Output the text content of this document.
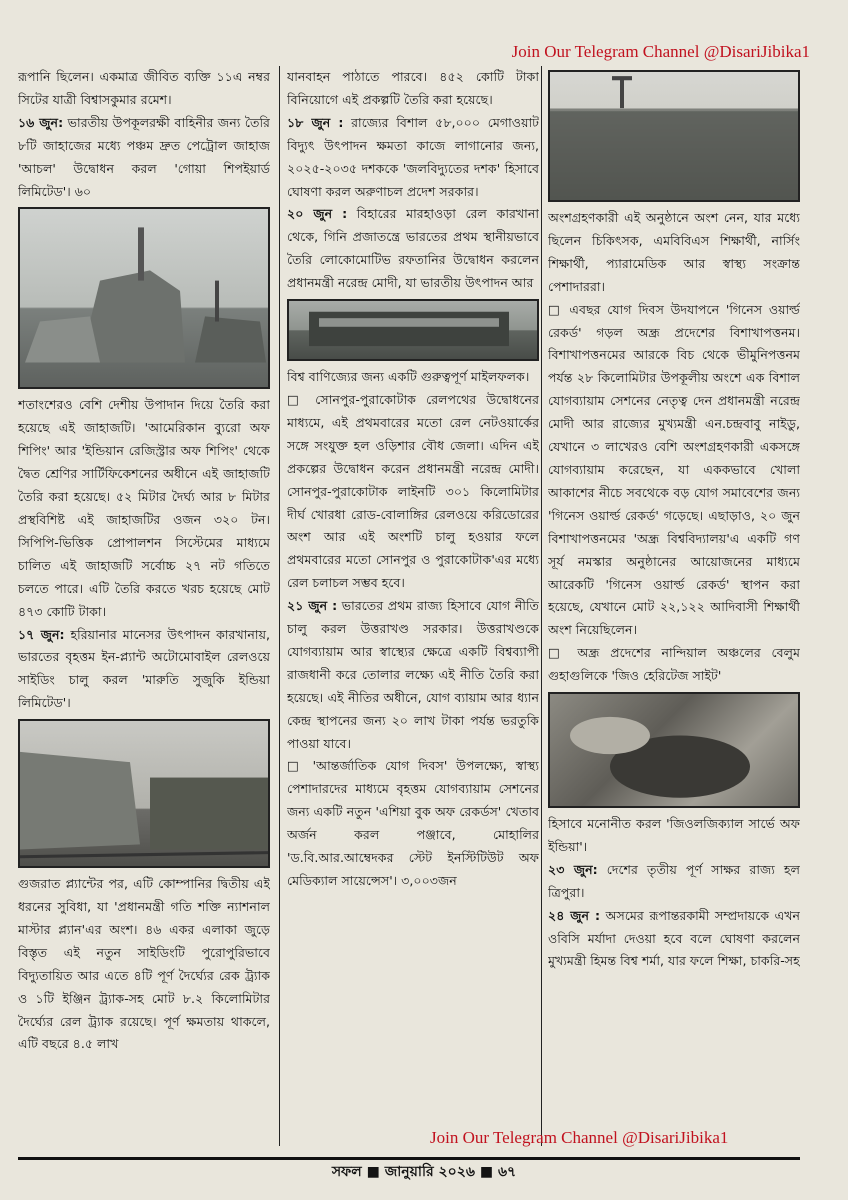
Join Our Telegram Channel @DisariJibika1

রূপানি ছিলেন। একমাত্র জীবিত ব্যক্তি ১১এ নম্বর সিটের যাত্রী বিশ্বাসকুমার রমেশ।

১৬ জুন: ভারতীয় উপকূলরক্ষী বাহিনীর জন্য তৈরি ৮টি জাহাজের মধ্যে পঞ্চম দ্রুত পেট্রোল জাহাজ 'আচল' উদ্বোধন করল 'গোয়া শিপইয়ার্ড লিমিটেড'। ৬০

শতাংশেরও বেশি দেশীয় উপাদান দিয়ে তৈরি করা হয়েছে এই জাহাজটি। 'আমেরিকান ব্যুরো অফ শিপিং' আর 'ইন্ডিয়ান রেজিস্ট্রার অফ শিপিং' থেকে দ্বৈত শ্রেণির সার্টিফিকেশনের অধীনে এই জাহাজটি তৈরি করা হয়েছে। ৫২ মিটার দৈর্ঘ্য আর ৮ মিটার প্রস্থবিশিষ্ট এই জাহাজটির ওজন ৩২০ টন। সিপিপি-ভিত্তিক প্রোপালশন সিস্টেমের মাধ্যমে চালিত এই জাহাজটি সর্বোচ্চ ২৭ নট গতিতে চলতে পারে। এটি তৈরি করতে খরচ হয়েছে মোট ৪৭৩ কোটি টাকা।

১৭ জুন: হরিয়ানার মানেসর উৎপাদন কারখানায়, ভারতের বৃহত্তম ইন-প্ল্যান্ট অটোমোবাইল রেলওয়ে সাইডিং চালু করল 'মারুতি সুজুকি ইন্ডিয়া লিমিটেড'।

গুজরাত প্ল্যান্টের পর, এটি কোম্পানির দ্বিতীয় এই ধরনের সুবিধা, যা 'প্রধানমন্ত্রী গতি শক্তি ন্যাশনাল মাস্টার প্ল্যান'এর অংশ। ৪৬ একর এলাকা জুড়ে বিস্তৃত এই নতুন সাইডিংটি পুরোপুরিভাবে বিদ্যুতায়িত আর এতে ৪টি পূর্ণ দৈর্ঘ্যের রেক ট্র্যাক ও ১টি ইঞ্জিন ট্র্যাক-সহ মোট ৮.২ কিলোমিটার দৈর্ঘ্যের রেল ট্র্যাক রয়েছে। পূর্ণ ক্ষমতায় থাকলে, এটি বছরে ৪.৫ লাখ

যানবাহন পাঠাতে পারবে। ৪৫২ কোটি টাকা বিনিয়োগে এই প্রকল্পটি তৈরি করা হয়েছে।

১৮ জুন : রাজ্যের বিশাল ৫৮,০০০ মেগাওয়াট বিদ্যুৎ উৎপাদন ক্ষমতা কাজে লাগানোর জন্য, ২০২৫-২০৩৫ দশককে 'জলবিদ্যুতের দশক' হিসাবে ঘোষণা করল অরুণাচল প্রদেশ সরকার।

২০ জুন : বিহারের মারহাওড়া রেল কারখানা থেকে, গিনি প্রজাতন্ত্রে ভারতের প্রথম স্থানীয়ভাবে তৈরি লোকোমোটিভ রফতানির উদ্বোধন করলেন প্রধানমন্ত্রী নরেন্দ্র মোদী, যা ভারতীয় উৎপাদন আর

বিশ্ব বাণিজ্যের জন্য একটি গুরুত্বপূর্ণ মাইলফলক।

□ সোনপুর-পুরাকোটাক রেলপথের উদ্বোধনের মাধ্যমে, এই প্রথমবারের মতো রেল নেটওয়ার্কের সঙ্গে সংযুক্ত হল ওড়িশার বৌধ জেলা। এদিন এই প্রকল্পের উদ্বোধন করেন প্রধানমন্ত্রী নরেন্দ্র মোদী। সোনপুর-পুরাকোটাক লাইনটি ৩০১ কিলোমিটার দীর্ঘ খোরধা রোড-বোলাঙ্গির রেলওয়ে করিডোরের অংশ আর এই অংশটি চালু হওয়ার ফলে প্রথমবারের মতো সোনপুর ও পুরাকোটাক'এর মধ্যে রেল চলাচল সম্ভব হবে।

২১ জুন : ভারতের প্রথম রাজ্য হিসাবে যোগ নীতি চালু করল উত্তরাখণ্ড সরকার। উত্তরাখণ্ডকে যোগব্যায়াম আর স্বাস্থ্যের ক্ষেত্রে একটি বিশ্বব্যাপী রাজধানী করে তোলার লক্ষ্যে এই নীতি তৈরি করা হয়েছে। এই নীতির অধীনে, যোগ ব্যায়াম আর ধ্যান কেন্দ্র স্থাপনের জন্য ২০ লাখ টাকা পর্যন্ত ভরতুকি পাওয়া যাবে।

□ 'আন্তর্জাতিক যোগ দিবস' উপলক্ষ্যে, স্বাস্থ্য পেশাদারদের মাধ্যমে বৃহত্তম যোগব্যায়াম সেশনের জন্য একটি নতুন 'এশিয়া বুক অফ রেকর্ডস' খেতাব অর্জন করল পঞ্জাবে, মোহালির 'ড.বি.আর.আম্বেদকর স্টেট ইনস্টিটিউট অফ মেডিক্যাল সায়েন্সেস'। ৩,০০৩জন

অংশগ্রহণকারী এই অনুষ্ঠানে অংশ নেন, যার মধ্যে ছিলেন চিকিৎসক, এমবিবিএস শিক্ষার্থী, নার্সিং শিক্ষার্থী, প্যারামেডিক আর স্বাস্থ্য সংক্রান্ত পেশাদাররা।

□ এবছর যোগ দিবস উদযাপনে 'গিনেস ওয়ার্ল্ড রেকর্ড' গড়ল অন্ধ্র প্রদেশের বিশাখাপত্তনম। বিশাখাপত্তনমের আরকে বিচ থেকে ভীমুনিপত্তনম পর্যন্ত ২৮ কিলোমিটার উপকূলীয় অংশে এক বিশাল যোগব্যায়াম সেশনের নেতৃত্ব দেন প্রধানমন্ত্রী নরেন্দ্র মোদী আর রাজ্যের মুখ্যমন্ত্রী এন.চন্দ্রবাবু নাইডু, যেখানে ৩ লাখেরও বেশি অংশগ্রহণকারী একসঙ্গে যোগব্যায়াম করেছেন, যা এককভাবে খোলা আকাশের নীচে সবথেকে বড় যোগ সমাবেশের জন্য 'গিনেস ওয়ার্ল্ড রেকর্ড' গড়েছে। এছাড়াও, ২০ জুন বিশাখাপত্তনমের 'অন্ধ্র বিশ্ববিদ্যালয়'এ একটি গণ সূর্য নমস্কার অনুষ্ঠানের আয়োজনের মাধ্যমে আরেকটি 'গিনেস ওয়ার্ল্ড রেকর্ড' স্থাপন করা হয়েছে, যেখানে মোট ২২,১২২ আদিবাসী শিক্ষার্থী অংশ নিয়েছিলেন।

□ অন্ধ্র প্রদেশের নান্দিয়াল অঞ্চলের বেলুম গুহাগুলিকে 'জিও হেরিটেজ সাইট'

হিসাবে মনোনীত করল 'জিওলজিক্যাল সার্ভে অফ ইন্ডিয়া'।

২৩ জুন: দেশের তৃতীয় পূর্ণ সাক্ষর রাজ্য হল ত্রিপুরা।

২৪ জুন : অসমের রূপান্তরকামী সম্প্রদায়কে এখন ওবিসি মর্যাদা দেওয়া হবে বলে ঘোষণা করলেন মুখ্যমন্ত্রী হিমন্ত বিশ্ব শর্মা, যার ফলে শিক্ষা, চাকরি-সহ

Join Our Telegram Channel @DisariJibika1
সফল ■ জানুয়ারি ২০২৬ ■ ৬৭
